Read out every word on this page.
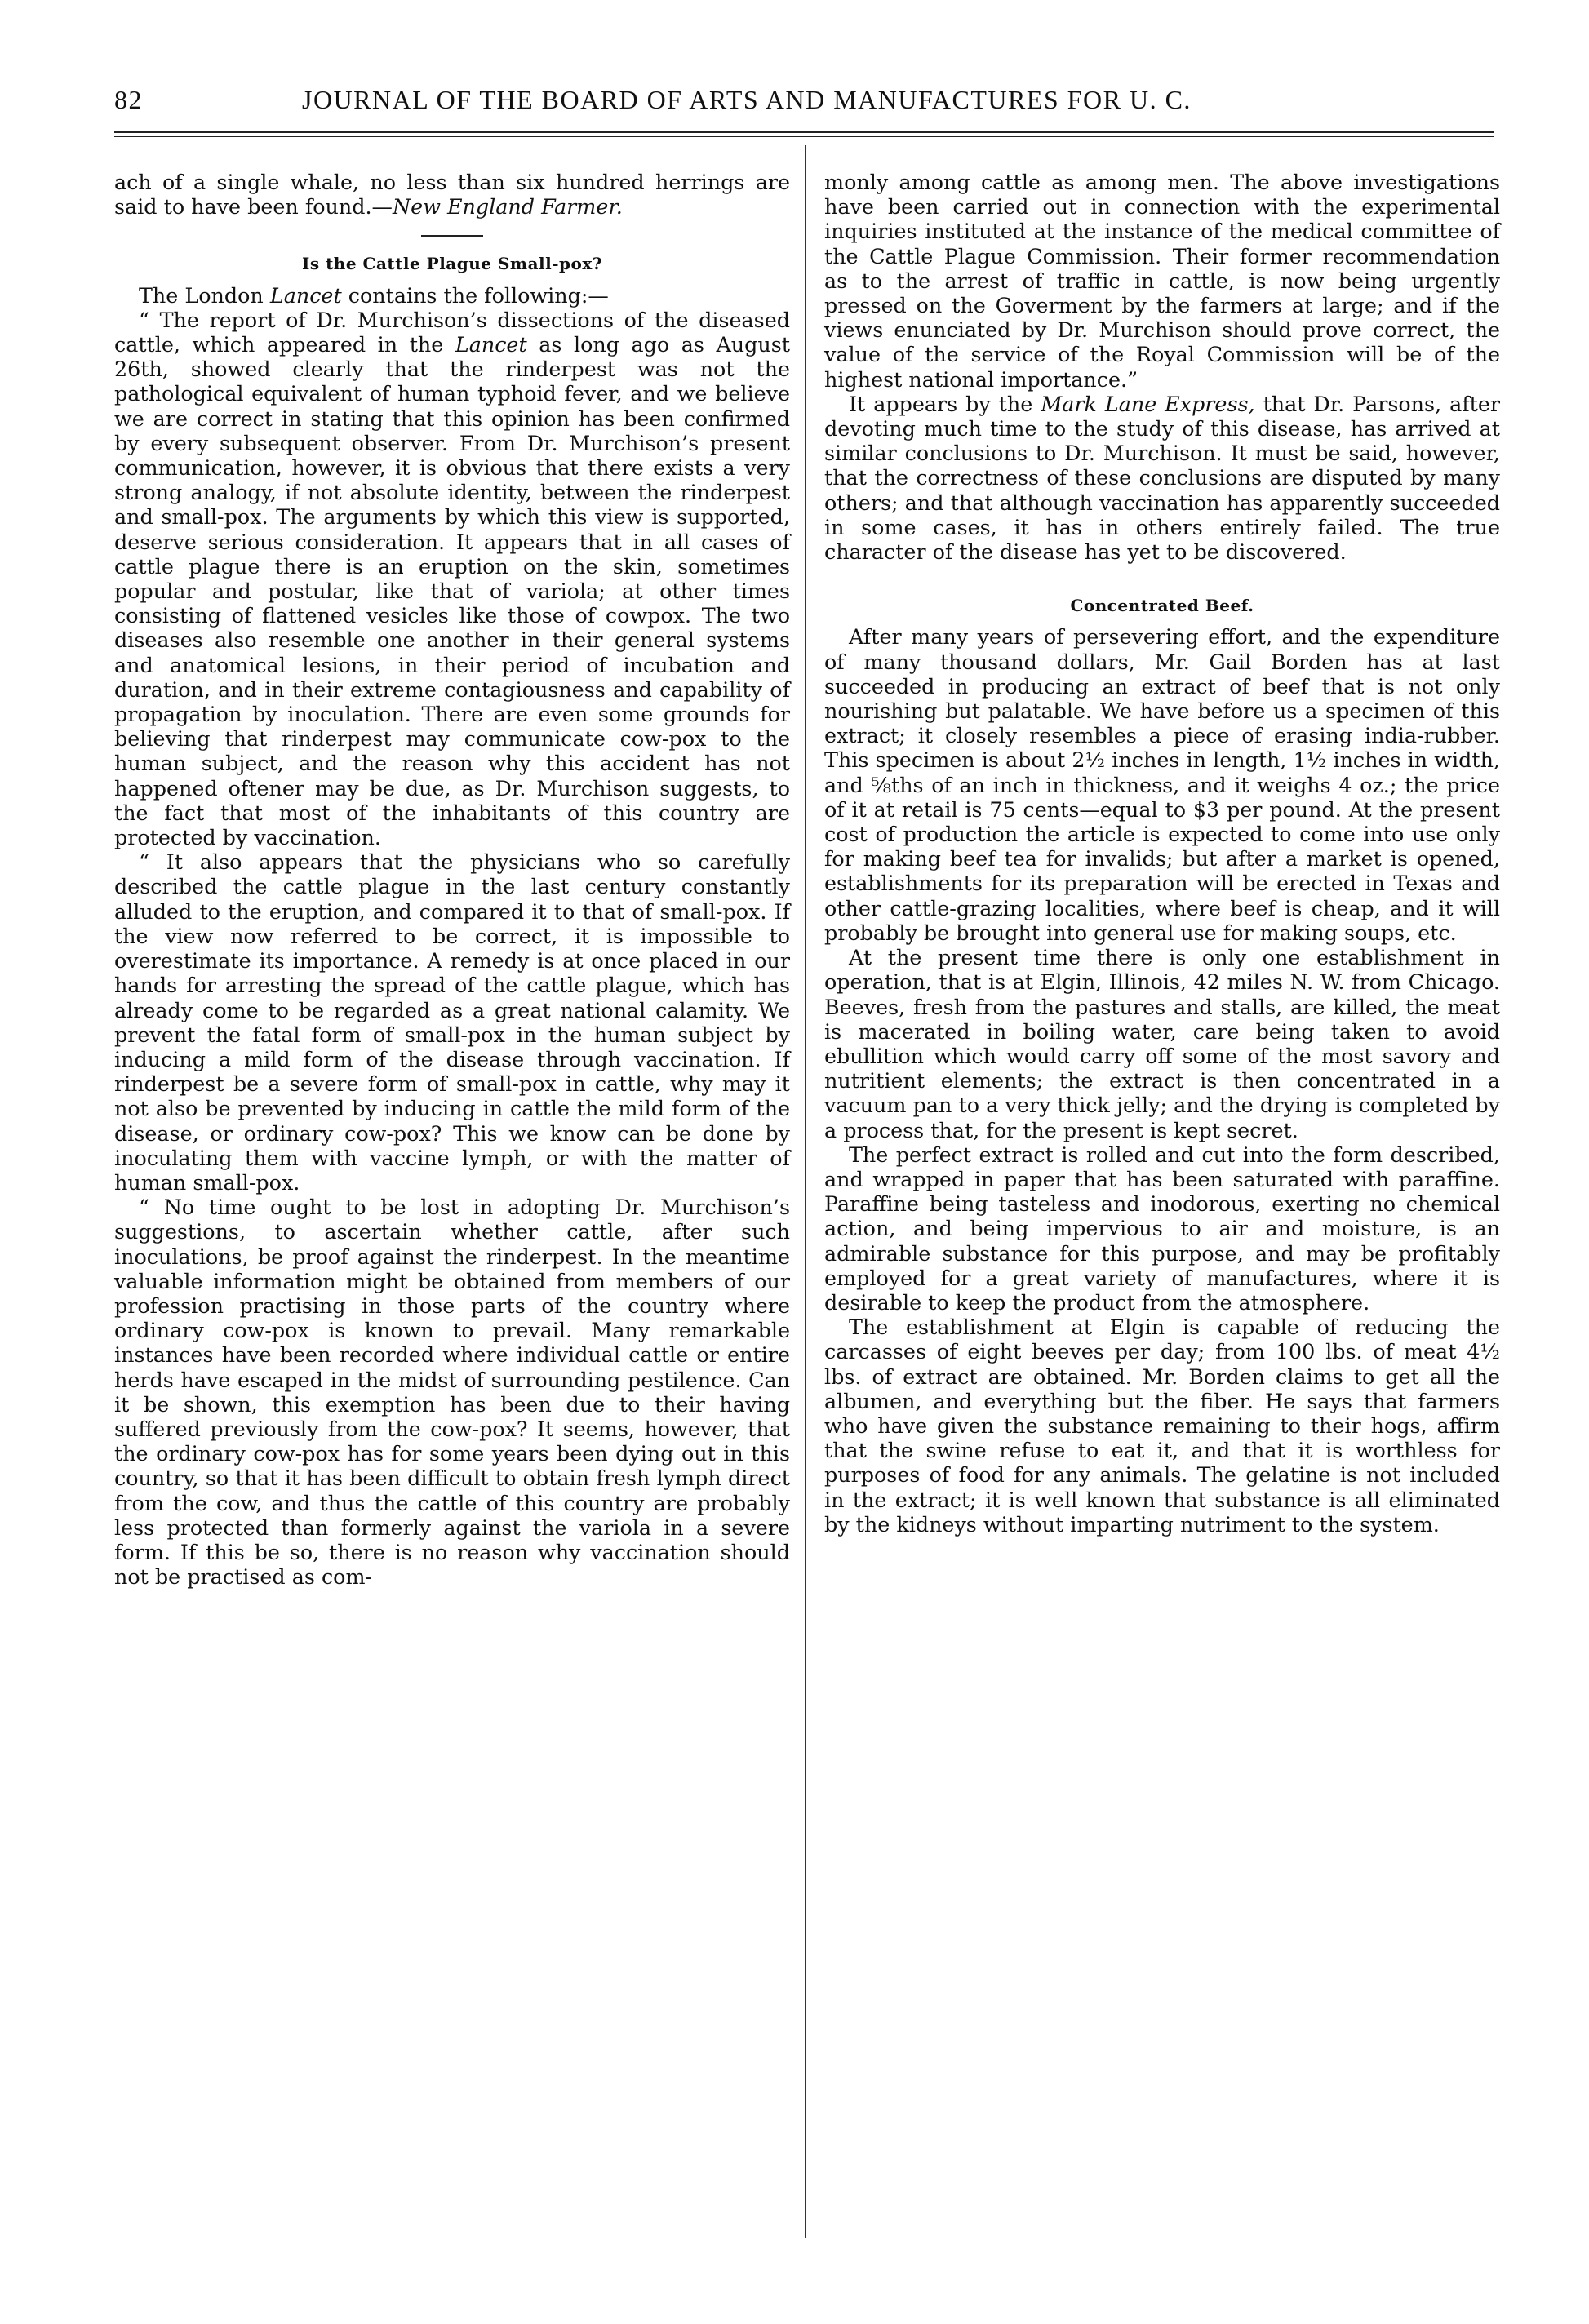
82	JOURNAL OF THE BOARD OF ARTS AND MANUFACTURES FOR U. C.

ach of a single whale, no less than six hundred herrings are said to have been found.—New England Farmer.

Is the Cattle Plague Small-pox?

The London Lancet contains the following:—

“ The report of Dr. Murchison’s dissections of the diseased cattle, which appeared in the Lancet as long ago as August 26th, showed clearly that the rinderpest was not the pathological equivalent of human typhoid fever, and we believe we are correct in stating that this opinion has been confirmed by every subsequent observer. From Dr. Murchison’s present communication, however, it is obvious that there exists a very strong analogy, if not absolute identity, between the rinderpest and small-pox. The arguments by which this view is supported, deserve serious consideration. It appears that in all cases of cattle plague there is an eruption on the skin, sometimes popular and postular, like that of variola; at other times consisting of flattened vesicles like those of cowpox. The two diseases also resemble one another in their general systems and anatomical lesions, in their period of incubation and duration, and in their extreme contagiousness and capability of propagation by inoculation. There are even some grounds for believing that rinderpest may communicate cow-pox to the human subject, and the reason why this accident has not happened oftener may be due, as Dr. Murchison suggests, to the fact that most of the inhabitants of this country are protected by vaccination.

“ It also appears that the physicians who so carefully described the cattle plague in the last century constantly alluded to the eruption, and compared it to that of small-pox. If the view now referred to be correct, it is impossible to overestimate its importance. A remedy is at once placed in our hands for arresting the spread of the cattle plague, which has already come to be regarded as a great national calamity. We prevent the fatal form of small-pox in the human subject by inducing a mild form of the disease through vaccination. If rinderpest be a severe form of small-pox in cattle, why may it not also be prevented by inducing in cattle the mild form of the disease, or ordinary cow-pox? This we know can be done by inoculating them with vaccine lymph, or with the matter of human small-pox.

“ No time ought to be lost in adopting Dr. Murchison’s suggestions, to ascertain whether cattle, after such inoculations, be proof against the rinderpest. In the meantime valuable information might be obtained from members of our profession practising in those parts of the country where ordinary cow-pox is known to prevail. Many remarkable instances have been recorded where individual cattle or entire herds have escaped in the midst of surrounding pestilence. Can it be shown, this exemption has been due to their having suffered previously from the cow-pox? It seems, however, that the ordinary cow-pox has for some years been dying out in this country, so that it has been difficult to obtain fresh lymph direct from the cow, and thus the cattle of this country are probably less protected than formerly against the variola in a severe form. If this be so, there is no reason why vaccination should not be practised as com-

monly among cattle as among men. The above investigations have been carried out in connection with the experimental inquiries instituted at the instance of the medical committee of the Cattle Plague Commission. Their former recommendation as to the arrest of traffic in cattle, is now being urgently pressed on the Goverment by the farmers at large; and if the views enunciated by Dr. Murchison should prove correct, the value of the service of the Royal Commission will be of the highest national importance.”

It appears by the Mark Lane Express, that Dr. Parsons, after devoting much time to the study of this disease, has arrived at similar conclusions to Dr. Murchison. It must be said, however, that the correctness of these conclusions are disputed by many others; and that although vaccination has apparently succeeded in some cases, it has in others entirely failed. The true character of the disease has yet to be discovered.

Concentrated Beef.

After many years of persevering effort, and the expenditure of many thousand dollars, Mr. Gail Borden has at last succeeded in producing an extract of beef that is not only nourishing but palatable. We have before us a specimen of this extract; it closely resembles a piece of erasing india-rubber. This specimen is about 2½ inches in length, 1½ inches in width, and ⅝ths of an inch in thickness, and it weighs 4 oz.; the price of it at retail is 75 cents—equal to $3 per pound. At the present cost of production the article is expected to come into use only for making beef tea for invalids; but after a market is opened, establishments for its preparation will be erected in Texas and other cattle-grazing localities, where beef is cheap, and it will probably be brought into general use for making soups, etc.

At the present time there is only one establishment in operation, that is at Elgin, Illinois, 42 miles N. W. from Chicago. Beeves, fresh from the pastures and stalls, are killed, the meat is macerated in boiling water, care being taken to avoid ebullition which would carry off some of the most savory and nutritient elements; the extract is then concentrated in a vacuum pan to a very thick jelly; and the drying is completed by a process that, for the present is kept secret.

The perfect extract is rolled and cut into the form described, and wrapped in paper that has been saturated with paraffine. Paraffine being tasteless and inodorous, exerting no chemical action, and being impervious to air and moisture, is an admirable substance for this purpose, and may be profitably employed for a great variety of manufactures, where it is desirable to keep the product from the atmosphere.

The establishment at Elgin is capable of reducing the carcasses of eight beeves per day; from 100 lbs. of meat 4½ lbs. of extract are obtained. Mr. Borden claims to get all the albumen, and everything but the fiber. He says that farmers who have given the substance remaining to their hogs, affirm that the swine refuse to eat it, and that it is worthless for purposes of food for any animals. The gelatine is not included in the extract; it is well known that substance is all eliminated by the kidneys without imparting nutriment to the system.
